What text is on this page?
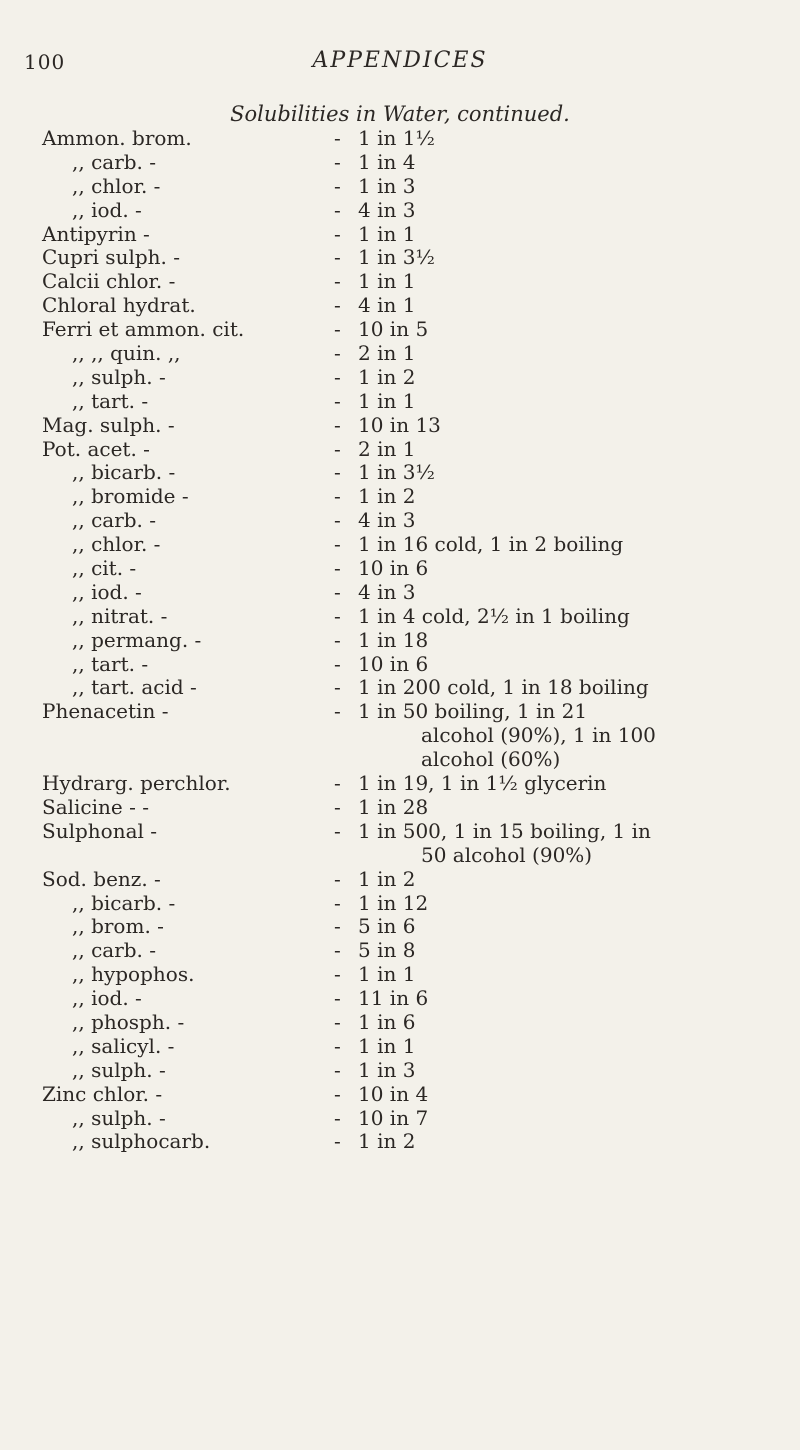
100	APPENDICES
Solubilities in Water, continued.
Ammon. brom.	- 1 in 1½
,, carb. -	- 1 in 4
,, chlor. -	- 1 in 3
,, iod. -	- 4 in 3
Antipyrin -	- 1 in 1
Cupri sulph. -	- 1 in 3½
Calcii chlor. -	- 1 in 1
Chloral hydrat.	- 4 in 1
Ferri et ammon. cit.	- 10 in 5
,, ,, quin. ,,	- 2 in 1
,, sulph. -	- 1 in 2
,, tart. -	- 1 in 1
Mag. sulph. -	- 10 in 13
Pot. acet. -	- 2 in 1
,, bicarb. -	- 1 in 3½
,, bromide -	- 1 in 2
,, carb. -	- 4 in 3
,, chlor. -	- 1 in 16 cold, 1 in 2 boiling
,, cit. -	- 10 in 6
,, iod. -	- 4 in 3
,, nitrat. -	- 1 in 4 cold, 2½ in 1 boiling
,, permang. -	- 1 in 18
,, tart. -	- 10 in 6
,, tart. acid -	- 1 in 200 cold, 1 in 18 boiling
Phenacetin -	- 1 in 50 boiling, 1 in 21
alcohol (90%), 1 in 100
alcohol (60%)
Hydrarg. perchlor.	- 1 in 19, 1 in 1½ glycerin
Salicine - -	- 1 in 28
Sulphonal -	- 1 in 500, 1 in 15 boiling, 1 in
50 alcohol (90%)
Sod. benz. -	- 1 in 2
,, bicarb. -	- 1 in 12
,, brom. -	- 5 in 6
,, carb. -	- 5 in 8
,, hypophos.	- 1 in 1
,, iod. -	- 11 in 6
,, phosph. -	- 1 in 6
,, salicyl. -	- 1 in 1
,, sulph. -	- 1 in 3
Zinc chlor. -	- 10 in 4
,, sulph. -	- 10 in 7
,, sulphocarb.	- 1 in 2
